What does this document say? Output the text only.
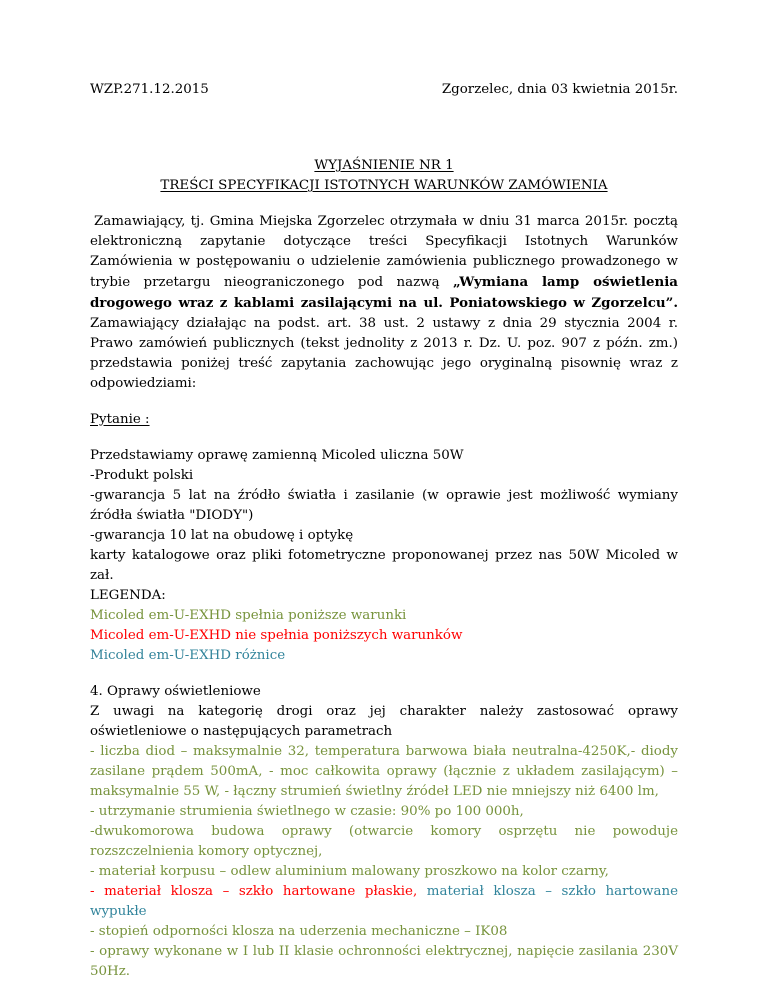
WZP.271.12.2015	Zgorzelec, dnia 03 kwietnia 2015r.
WYJAŚNIENIE NR 1
TREŚCI SPECYFIKACJI ISTOTNYCH WARUNKÓW ZAMÓWIENIA
Zamawiający, tj. Gmina Miejska Zgorzelec otrzymała w dniu 31 marca 2015r. pocztą elektroniczną zapytanie dotyczące treści Specyfikacji Istotnych Warunków Zamówienia w postępowaniu o udzielenie zamówienia publicznego prowadzonego w trybie przetargu nieograniczonego pod nazwą „Wymiana lamp oświetlenia drogowego wraz z kablami zasilającymi na ul. Poniatowskiego w Zgorzelcu”. Zamawiający działając na podst. art. 38 ust. 2 ustawy z dnia 29 stycznia 2004 r. Prawo zamówień publicznych (tekst jednolity z 2013 r. Dz. U. poz. 907 z późn. zm.) przedstawia poniżej treść zapytania zachowując jego oryginalną pisownię wraz z odpowiedziami:
Pytanie :
Przedstawiamy oprawę zamienną Micoled uliczna 50W
-Produkt polski
-gwarancja 5 lat na źródło światła i zasilanie (w oprawie jest możliwość wymiany źródła światła "DIODY")
-gwarancja 10 lat na obudowę i optykę
karty katalogowe oraz pliki fotometryczne proponowanej przez nas 50W Micoled w zał.
LEGENDA:
Micoled em-U-EXHD spełnia poniższe warunki
Micoled em-U-EXHD nie spełnia poniższych warunków
Micoled em-U-EXHD różnice
4. Oprawy oświetleniowe
Z uwagi na kategorię drogi oraz jej charakter należy zastosować oprawy oświetleniowe o następujących parametrach
- liczba diod – maksymalnie 32, temperatura barwowa biała neutralna-4250K,- diody zasilane prądem 500mA, - moc całkowita oprawy (łącznie z układem zasilającym) – maksymalnie 55 W, - łączny strumień świetlny źródeł LED nie mniejszy niż 6400 lm,
- utrzymanie strumienia świetlnego w czasie: 90% po 100 000h,
-dwukomorowa budowa oprawy (otwarcie komory osprzętu nie powoduje rozszczelnienia komory optycznej,
- materiał korpusu – odlew aluminium malowany proszkowo na kolor czarny,
- materiał klosza – szkło hartowane płaskie, materiał klosza – szkło hartowane wypukłe
- stopień odporności klosza na uderzenia mechaniczne – IK08
- oprawy wykonane w I lub II klasie ochronności elektrycznej, napięcie zasilania 230V 50Hz.
